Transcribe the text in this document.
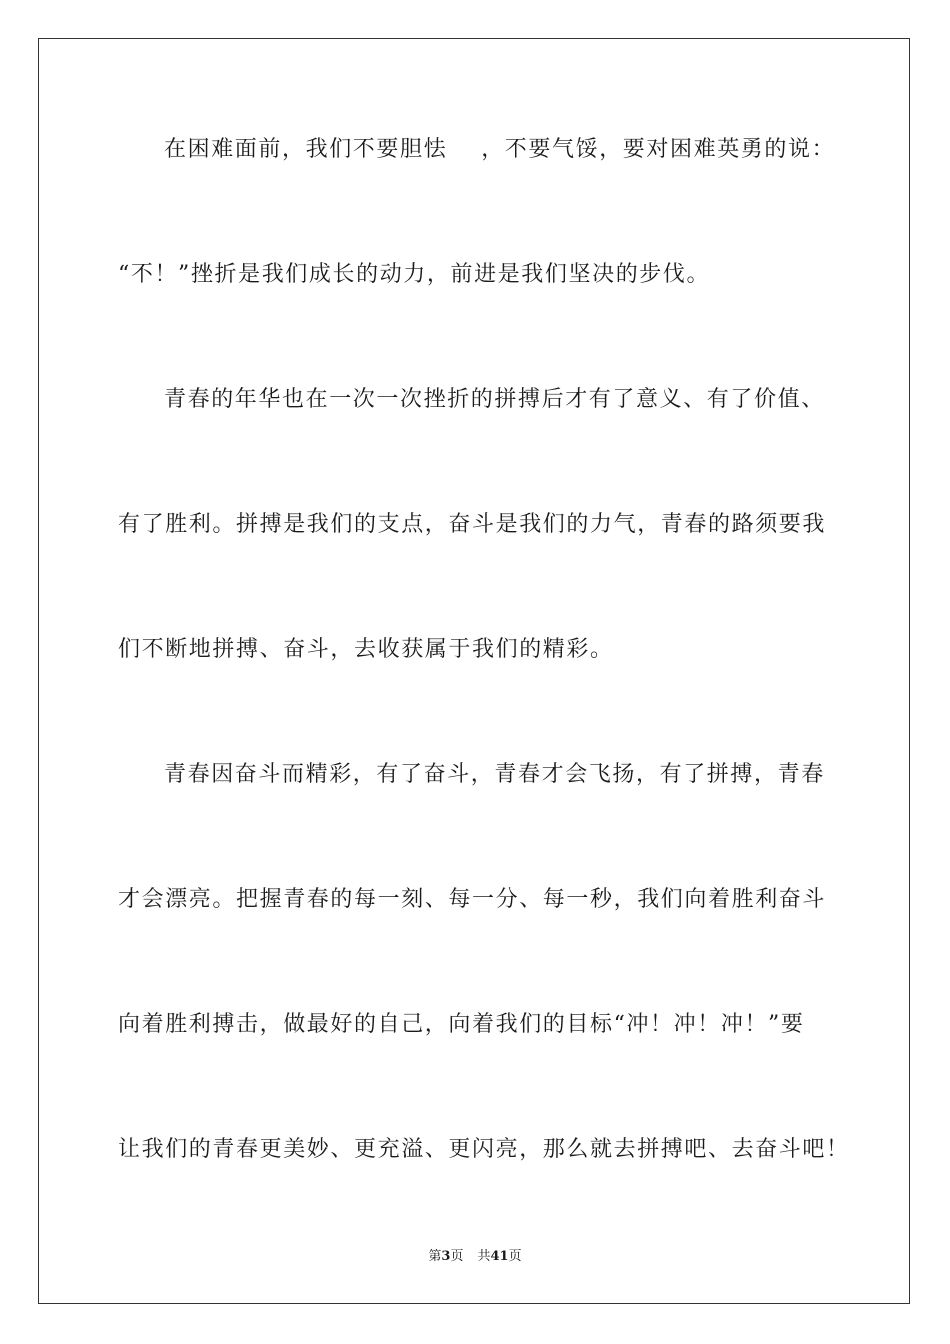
在困难面前，我们不要胆怯 ，不要气馁，要对困难英勇的说：
“不！”挫折是我们成长的动力，前进是我们坚决的步伐。
青春的年华也在一次一次挫折的拼搏后才有了意义、有了价值、
有了胜利。拼搏是我们的支点，奋斗是我们的力气，青春的路须要我
们不断地拼搏、奋斗，去收获属于我们的精彩。
青春因奋斗而精彩，有了奋斗，青春才会飞扬，有了拼搏，青春
才会漂亮。把握青春的每一刻、每一分、每一秒，我们向着胜利奋斗
向着胜利搏击，做最好的自己，向着我们的目标“冲！冲！冲！”要
让我们的青春更美妙、更充溢、更闪亮，那么就去拼搏吧、去奋斗吧！
第3页 共41页
